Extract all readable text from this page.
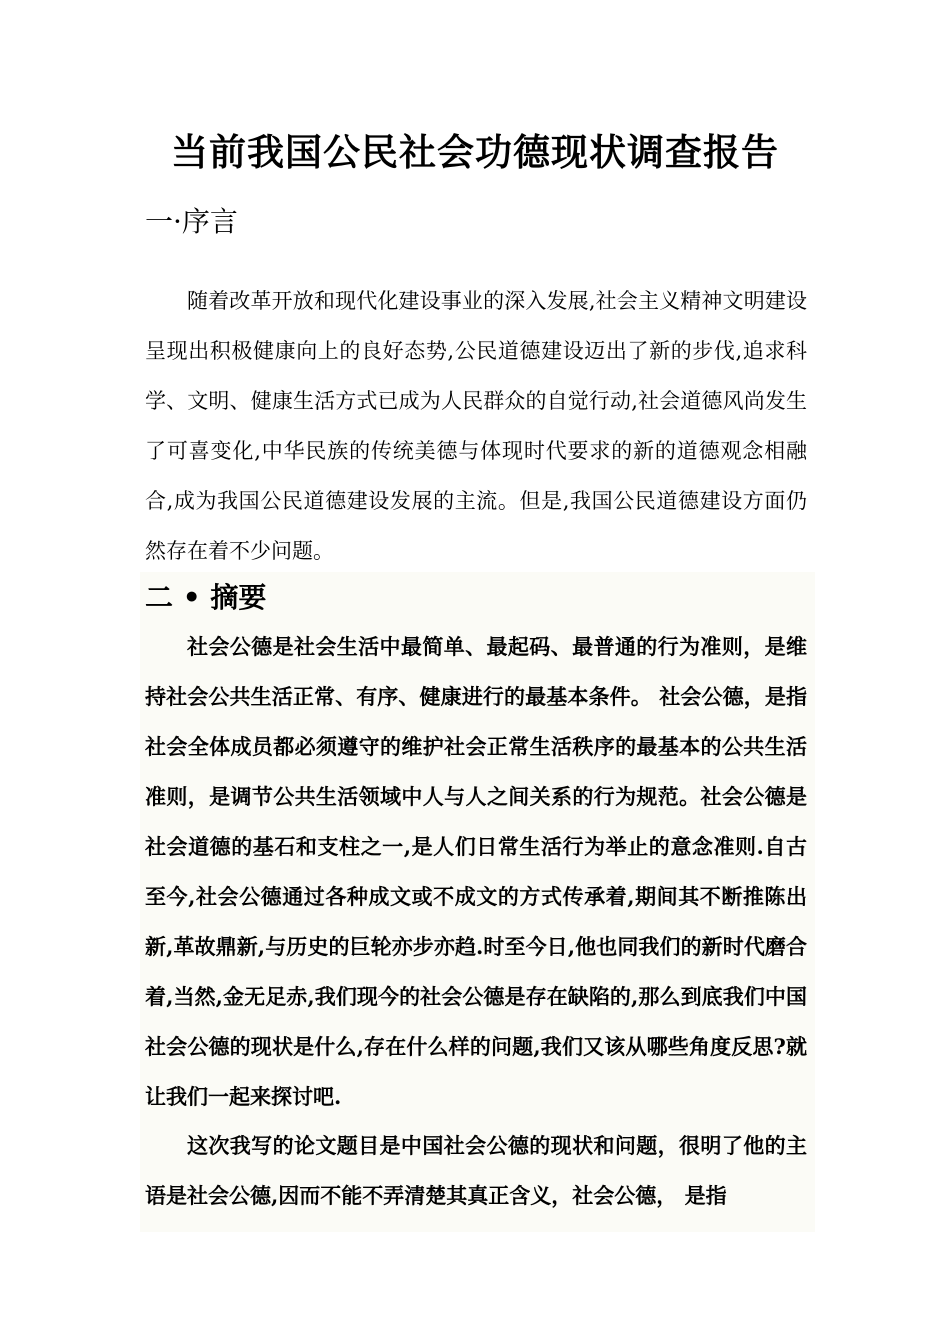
当前我国公民社会功德现状调查报告
一·序言

随着改革开放和现代化建设事业的深入发展,社会主义精神文明建设呈现出积极健康向上的良好态势,公民道德建设迈出了新的步伐,追求科学、文明、健康生活方式已成为人民群众的自觉行动,社会道德风尚发生了可喜变化,中华民族的传统美德与体现时代要求的新的道德观念相融合,成为我国公民道德建设发展的主流。但是,我国公民道德建设方面仍然存在着不少问题。

二 • 摘要

社会公德是社会生活中最简单、最起码、最普通的行为准则，是维持社会公共生活正常、有序、健康进行的最基本条件。 社会公德，是指社会全体成员都必须遵守的维护社会正常生活秩序的最基本的公共生活准则，是调节公共生活领域中人与人之间关系的行为规范。社会公德是社会道德的基石和支柱之一,是人们日常生活行为举止的意念准则.自古至今,社会公德通过各种成文或不成文的方式传承着,期间其不断推陈出新,革故鼎新,与历史的巨轮亦步亦趋.时至今日,他也同我们的新时代磨合着,当然,金无足赤,我们现今的社会公德是存在缺陷的,那么到底我们中国社会公德的现状是什么,存在什么样的问题,我们又该从哪些角度反思?就让我们一起来探讨吧.

这次我写的论文题目是中国社会公德的现状和问题，很明了他的主语是社会公德,因而不能不弄清楚其真正含义，社会公德， 是指
